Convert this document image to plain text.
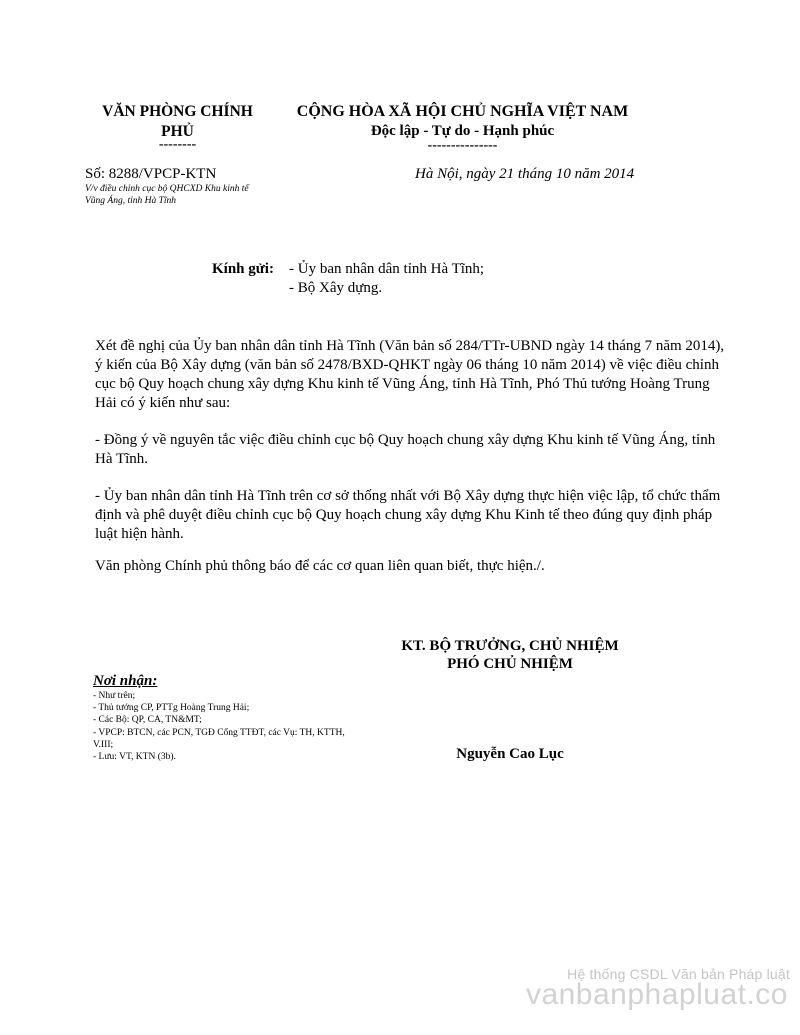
VĂN PHÒNG CHÍNH PHỦ
--------
CỘNG HÒA XÃ HỘI CHỦ NGHĨA VIỆT NAM
Độc lập - Tự do - Hạnh phúc
---------------
Số: 8288/VPCP-KTN
V/v điều chỉnh cục bộ QHCXD Khu kinh tế Vũng Áng, tỉnh Hà Tĩnh
Hà Nội, ngày 21 tháng 10 năm 2014
Kính gửi: - Ủy ban nhân dân tỉnh Hà Tĩnh;
- Bộ Xây dựng.
Xét đề nghị của Ủy ban nhân dân tỉnh Hà Tĩnh (Văn bản số 284/TTr-UBND ngày 14 tháng 7 năm 2014), ý kiến của Bộ Xây dựng (văn bản số 2478/BXD-QHKT ngày 06 tháng 10 năm 2014) về việc điều chỉnh cục bộ Quy hoạch chung xây dựng Khu kinh tế Vũng Áng, tỉnh Hà Tĩnh, Phó Thủ tướng Hoàng Trung Hải có ý kiến như sau:
- Đồng ý về nguyên tắc việc điều chỉnh cục bộ Quy hoạch chung xây dựng Khu kinh tế Vũng Áng, tỉnh Hà Tĩnh.
- Ủy ban nhân dân tỉnh Hà Tĩnh trên cơ sở thống nhất với Bộ Xây dựng thực hiện việc lập, tổ chức thẩm định và phê duyệt điều chỉnh cục bộ Quy hoạch chung xây dựng Khu Kinh tế theo đúng quy định pháp luật hiện hành.
Văn phòng Chính phủ thông báo để các cơ quan liên quan biết, thực hiện./.
KT. BỘ TRƯỞNG, CHỦ NHIỆM
PHÓ CHỦ NHIỆM
Nguyễn Cao Lục
Nơi nhận:
- Như trên;
- Thủ tướng CP, PTTg Hoàng Trung Hải;
- Các Bộ: QP, CA, TN&MT;
- VPCP: BTCN, các PCN, TGĐ Cổng TTĐT, các Vụ: TH, KTTH, V.III;
- Lưu: VT, KTN (3b).
Hệ thống CSDL Văn bản Pháp luật
vanbanphapluat.co
